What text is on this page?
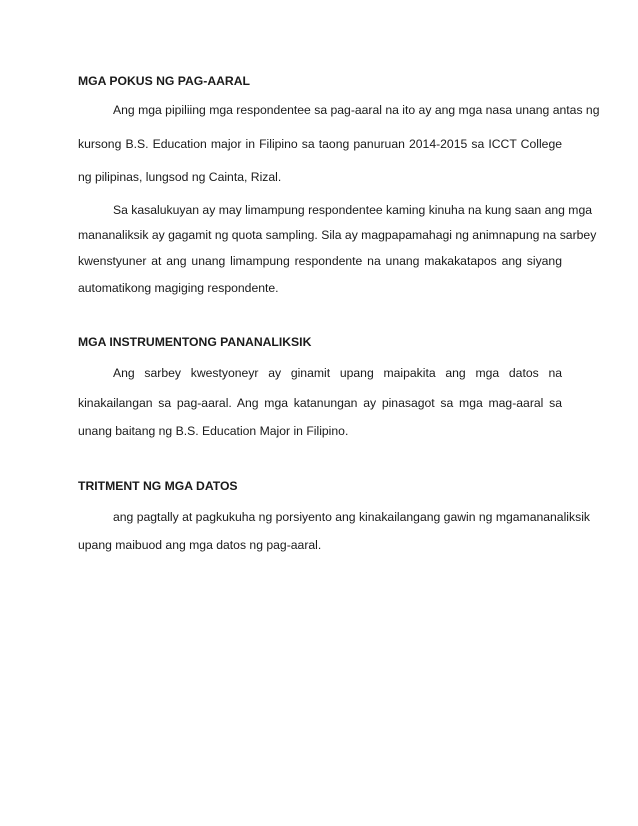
MGA POKUS NG PAG-AARAL
Ang mga pipiliing mga respondentee sa pag-aaral na ito ay ang mga nasa unang antas ng
kursong B.S. Education major in Filipino sa taong panuruan 2014-2015 sa ICCT College
ng pilipinas, lungsod ng Cainta, Rizal.
Sa kasalukuyan ay may limampung respondentee kaming kinuha na kung saan ang mga
mananaliksik ay gagamit ng quota sampling. Sila ay magpapamahagi ng animnapung na sarbey
kwenstyuner at ang unang limampung respondente na unang makakatapos ang siyang
automatikong magiging respondente.
MGA INSTRUMENTONG PANANALIKSIK
Ang sarbey kwestyoneyr ay ginamit upang maipakita ang mga datos na
kinakailangan sa pag-aaral. Ang mga katanungan ay pinasagot sa mga mag-aaral sa
unang baitang ng B.S. Education Major in Filipino.
TRITMENT NG MGA DATOS
ang pagtally at pagkukuha ng porsiyento ang kinakailangang gawin ng mgamananaliksik
upang maibuod ang mga datos ng pag-aaral.
